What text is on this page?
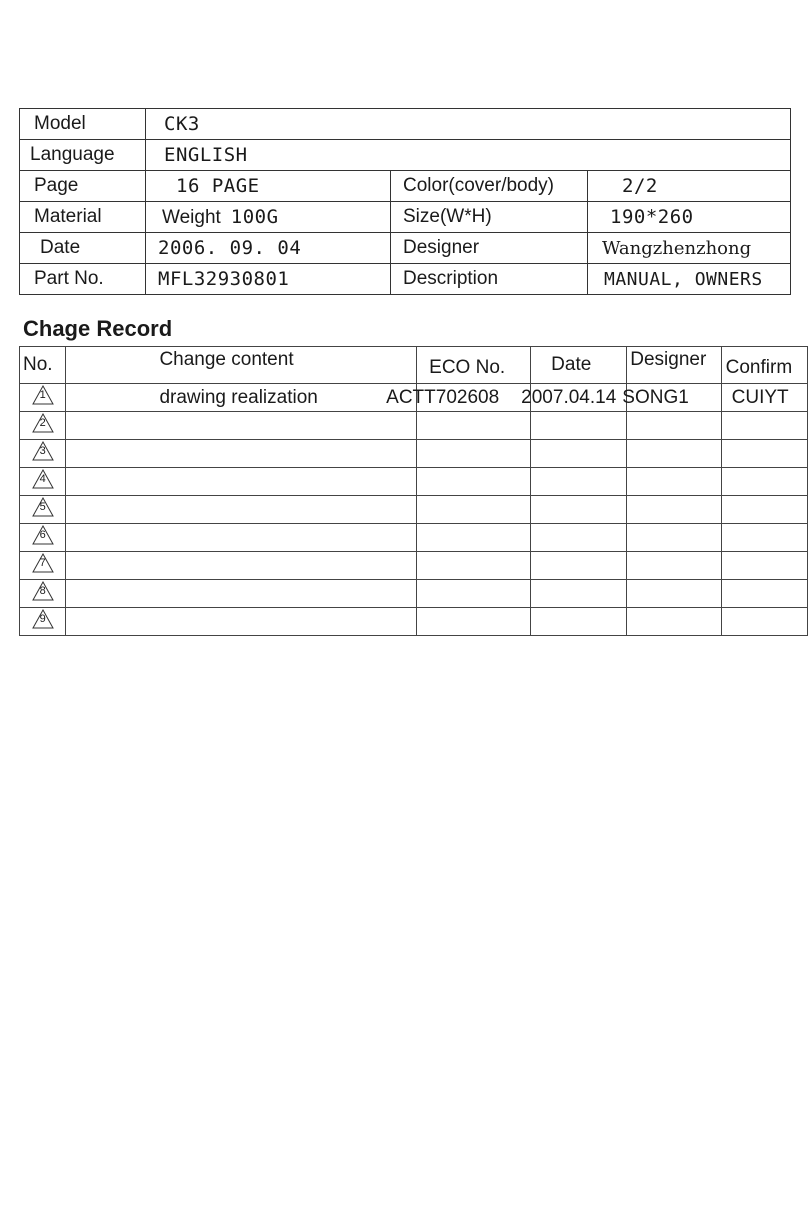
Model	CK3		
Language	ENGLISH		
Page	16 PAGE	Color(cover/body)	2/2
Material	Weight 100G	Size(W*H)	190*260
Date	2006. 09. 04	Designer	Wangzhenzhong
Part No.	MFL32930801	Description	MANUAL, OWNERS
Chage Record
No.	Change content	ECO No.	Date	Designer	Confirm

1	drawing realization	ACTT702608	2007.04.14	SONG1	CUIYT

2

3

4

5

6

7

8

9
